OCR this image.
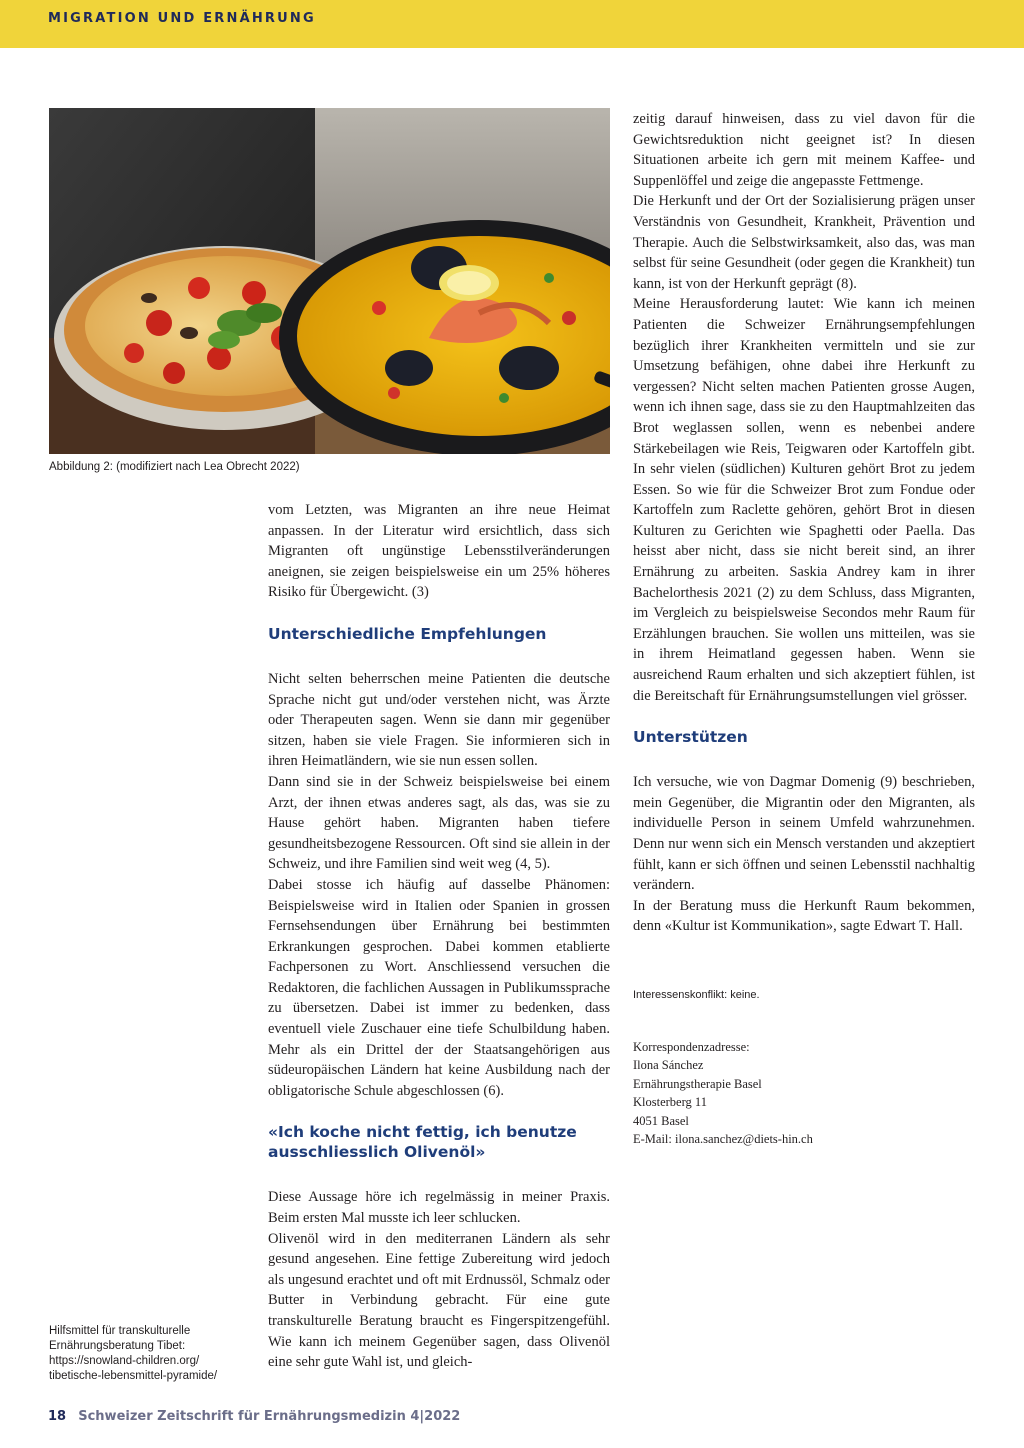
MIGRATION UND ERNÄHRUNG
Abbildung 2: (modifiziert nach Lea Obrecht 2022)
Hilfsmittel für transkulturelle
Ernährungsberatung Tibet:
https://snowland-children.org/
tibetische-lebensmittel-pyramide/

vom Letzten, was Migranten an ihre neue Heimat anpassen. In der Literatur wird ersichtlich, dass sich Migranten oft ungünstige Lebensstilveränderungen aneignen, sie zeigen beispielsweise ein um 25% höheres Risiko für Übergewicht. (3)

Unterschiedliche Empfehlungen

Nicht selten beherrschen meine Patienten die deutsche Sprache nicht gut und/oder verstehen nicht, was Ärzte oder Therapeuten sagen. Wenn sie dann mir gegenüber sitzen, haben sie viele Fragen. Sie informieren sich in ihren Heimatländern, wie sie nun essen sollen.

Dann sind sie in der Schweiz beispielsweise bei einem Arzt, der ihnen etwas anderes sagt, als das, was sie zu Hause gehört haben. Migranten haben tiefere gesundheitsbezogene Ressourcen. Oft sind sie allein in der Schweiz, und ihre Familien sind weit weg (4, 5).

Dabei stosse ich häufig auf dasselbe Phänomen: Beispielsweise wird in Italien oder Spanien in grossen Fernsehsendungen über Ernährung bei bestimmten Erkrankungen gesprochen. Dabei kommen etablierte Fachpersonen zu Wort. Anschliessend versuchen die Redaktoren, die fachlichen Aussagen in Publikumssprache zu übersetzen. Dabei ist immer zu bedenken, dass eventuell viele Zuschauer eine tiefe Schulbildung haben. Mehr als ein Drittel der der Staatsangehörigen aus südeuropäischen Ländern hat keine Ausbildung nach der obligatorische Schule abgeschlossen (6).

«Ich koche nicht fettig, ich benutze ausschliesslich Olivenöl»

Diese Aussage höre ich regelmässig in meiner Praxis. Beim ersten Mal musste ich leer schlucken.

Olivenöl wird in den mediterranen Ländern als sehr gesund angesehen. Eine fettige Zubereitung wird jedoch als ungesund erachtet und oft mit Erdnussöl, Schmalz oder Butter in Verbindung gebracht. Für eine gute transkulturelle Beratung braucht es Fingerspitzengefühl. Wie kann ich meinem Gegenüber sagen, dass Olivenöl eine sehr gute Wahl ist, und gleich-

zeitig darauf hinweisen, dass zu viel davon für die Gewichtsreduktion nicht geeignet ist? In diesen Situationen arbeite ich gern mit meinem Kaffee- und Suppenlöffel und zeige die angepasste Fettmenge.

Die Herkunft und der Ort der Sozialisierung prägen unser Verständnis von Gesundheit, Krankheit, Prävention und Therapie. Auch die Selbstwirksamkeit, also das, was man selbst für seine Gesundheit (oder gegen die Krankheit) tun kann, ist von der Herkunft geprägt (8).

Meine Herausforderung lautet: Wie kann ich meinen Patienten die Schweizer Ernährungsempfehlungen bezüglich ihrer Krankheiten vermitteln und sie zur Umsetzung befähigen, ohne dabei ihre Herkunft zu vergessen? Nicht selten machen Patienten grosse Augen, wenn ich ihnen sage, dass sie zu den Hauptmahlzeiten das Brot weglassen sollen, wenn es nebenbei andere Stärkebeilagen wie Reis, Teigwaren oder Kartoffeln gibt. In sehr vielen (südlichen) Kulturen gehört Brot zu jedem Essen. So wie für die Schweizer Brot zum Fondue oder Kartoffeln zum Raclette gehören, gehört Brot in diesen Kulturen zu Gerichten wie Spaghetti oder Paella. Das heisst aber nicht, dass sie nicht bereit sind, an ihrer Ernährung zu arbeiten. Saskia Andrey kam in ihrer Bachelorthesis 2021 (2) zu dem Schluss, dass Migranten, im Vergleich zu beispielsweise Secondos mehr Raum für Erzählungen brauchen. Sie wollen uns mitteilen, was sie in ihrem Heimatland gegessen haben. Wenn sie ausreichend Raum erhalten und sich akzeptiert fühlen, ist die Bereitschaft für Ernährungsumstellungen viel grösser.

Unterstützen

Ich versuche, wie von Dagmar Domenig (9) beschrieben, mein Gegenüber, die Migrantin oder den Migranten, als individuelle Person in seinem Umfeld wahrzunehmen. Denn nur wenn sich ein Mensch verstanden und akzeptiert fühlt, kann er sich öffnen und seinen Lebensstil nachhaltig verändern.

In der Beratung muss die Herkunft Raum bekommen, denn «Kultur ist Kommunikation», sagte Edwart T. Hall.

Interessenskonflikt: keine.
Korrespondenzadresse:
Ilona Sánchez
Ernährungstherapie Basel
Klosterberg 11
4051 Basel
E-Mail: ilona.sanchez@diets-hin.ch
18 Schweizer Zeitschrift für Ernährungsmedizin 4|2022
